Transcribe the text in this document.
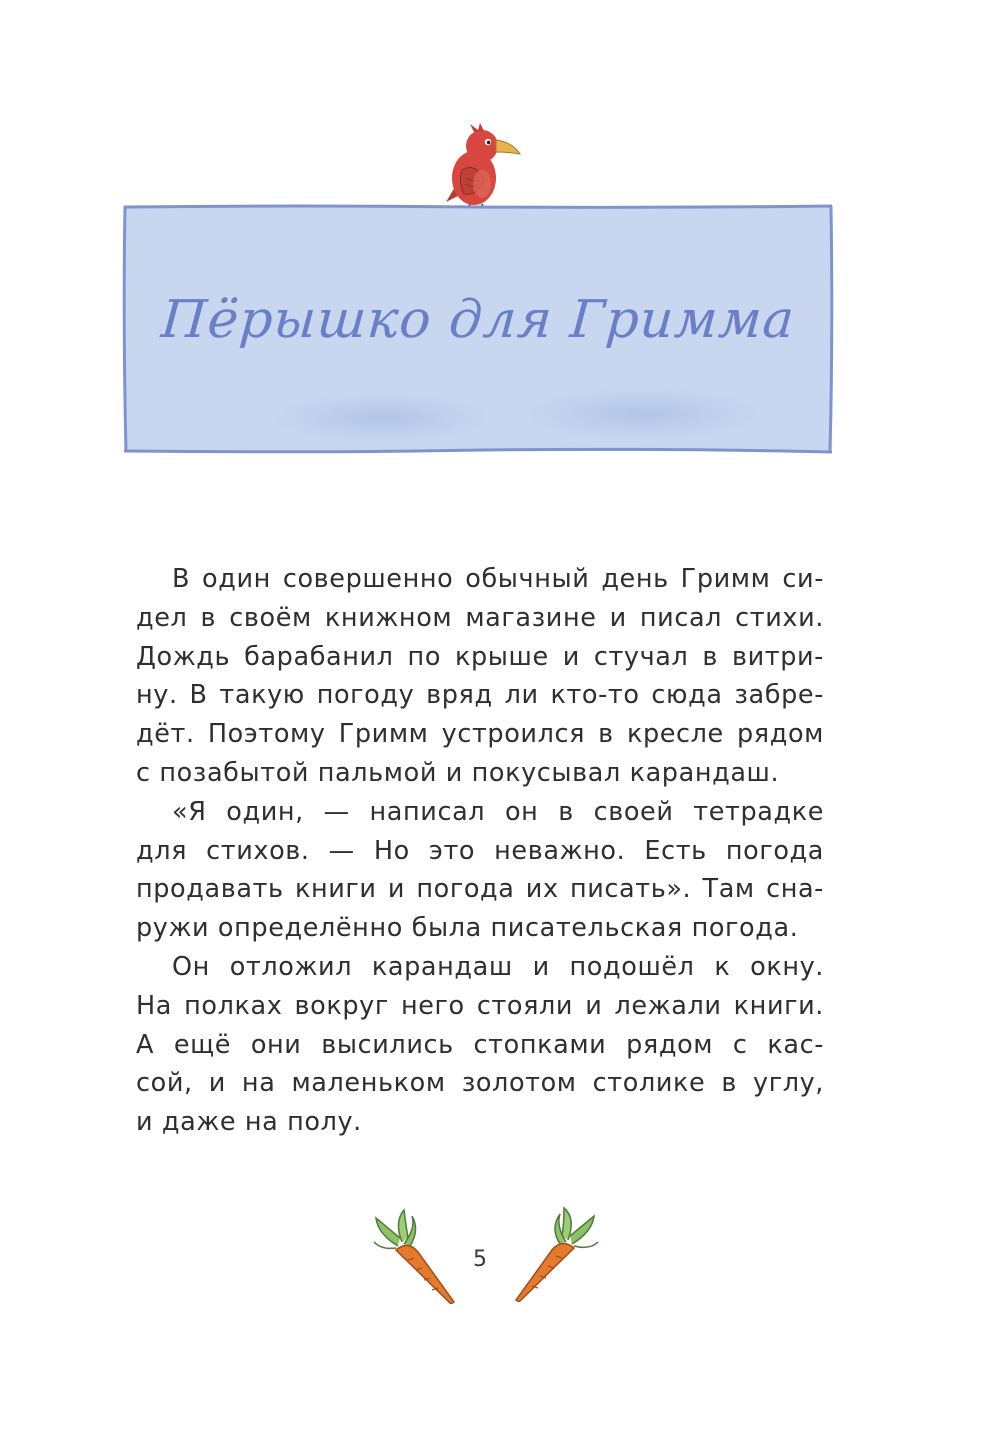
Пёрышко для Гримма
В один совершенно обычный день Гримм си-
дел в своём книжном магазине и писал стихи.
Дождь барабанил по крыше и стучал в витри-
ну. В такую погоду вряд ли кто-то сюда забре-
дёт. Поэтому Гримм устроился в кресле рядом
с позабытой пальмой и покусывал карандаш.
«Я один, — написал он в своей тетрадке
для стихов. — Но это неважно. Есть погода
продавать книги и погода их писать». Там сна-
ружи определённо была писательская погода.
Он отложил карандаш и подошёл к окну.
На полках вокруг него стояли и лежали книги.
А ещё они высились стопками рядом с кас-
сой, и на маленьком золотом столике в углу,
и даже на полу.
5
